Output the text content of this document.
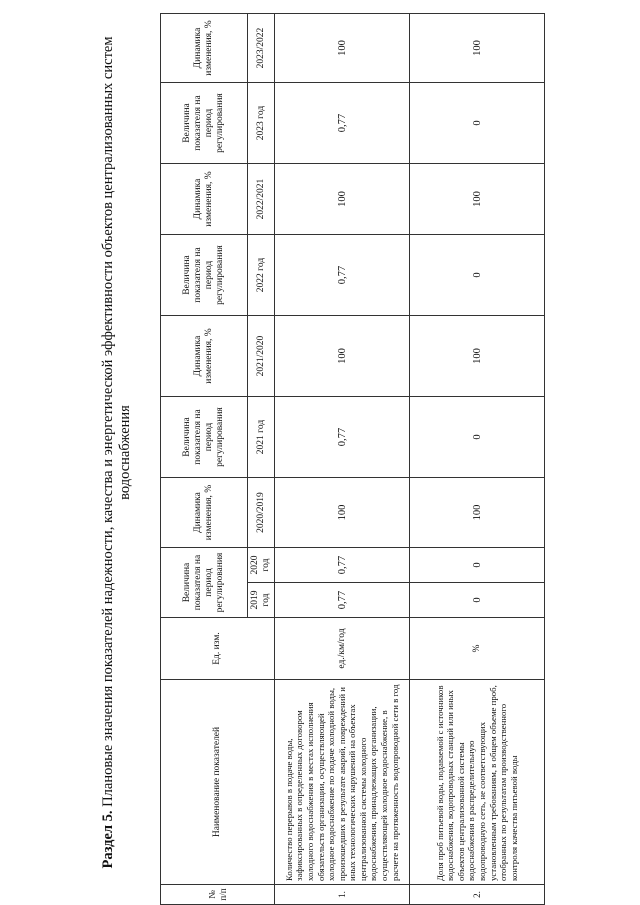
Раздел 5. Плановые значения показателей надежности, качества и энергетической эффективности объектов централизованных систем водоснабжения
№ п/п	Наименование показателей	Ед. изм.	Величина показателя на период регулирования		Динамика изменения, %	Величина показателя на период регулирования	Динамика изменения, %	Величина показателя на период регулирования	Динамика изменения, %	Величина показателя на период регулирования	Динамика изменения, %
			2019 год	2020 год	2020/2019	2021 год	2021/2020	2022 год	2022/2021	2023 год	2023/2022
1.	Количество перерывов в подаче воды, зафиксированных в определенных договором холодного водоснабжения в местах исполнения обязательств организации, осуществляющей холодное водоснабжение по подаче холодной воды, произошедших в результате аварий, повреждений и иных технологических нарушений на объектах централизованной системы холодного водоснабжения, принадлежащих организации, осуществляющей холодное водоснабжение, в расчете на протяженность водопроводной сети в год	ед./км/год	0,77	0,77	100	0,77	100	0,77	100	0,77	100
2.	Доля проб питьевой воды, подаваемой с источников водоснабжения, водопроводных станций или иных объектов централизованной системы водоснабжения в распределительную водопроводную сеть, не соответствующих установленным требованиям, в общем объеме проб, отобранных по результатам производственного контроля качества питьевой воды	%	0	0	100	0	100	0	100	0	100
